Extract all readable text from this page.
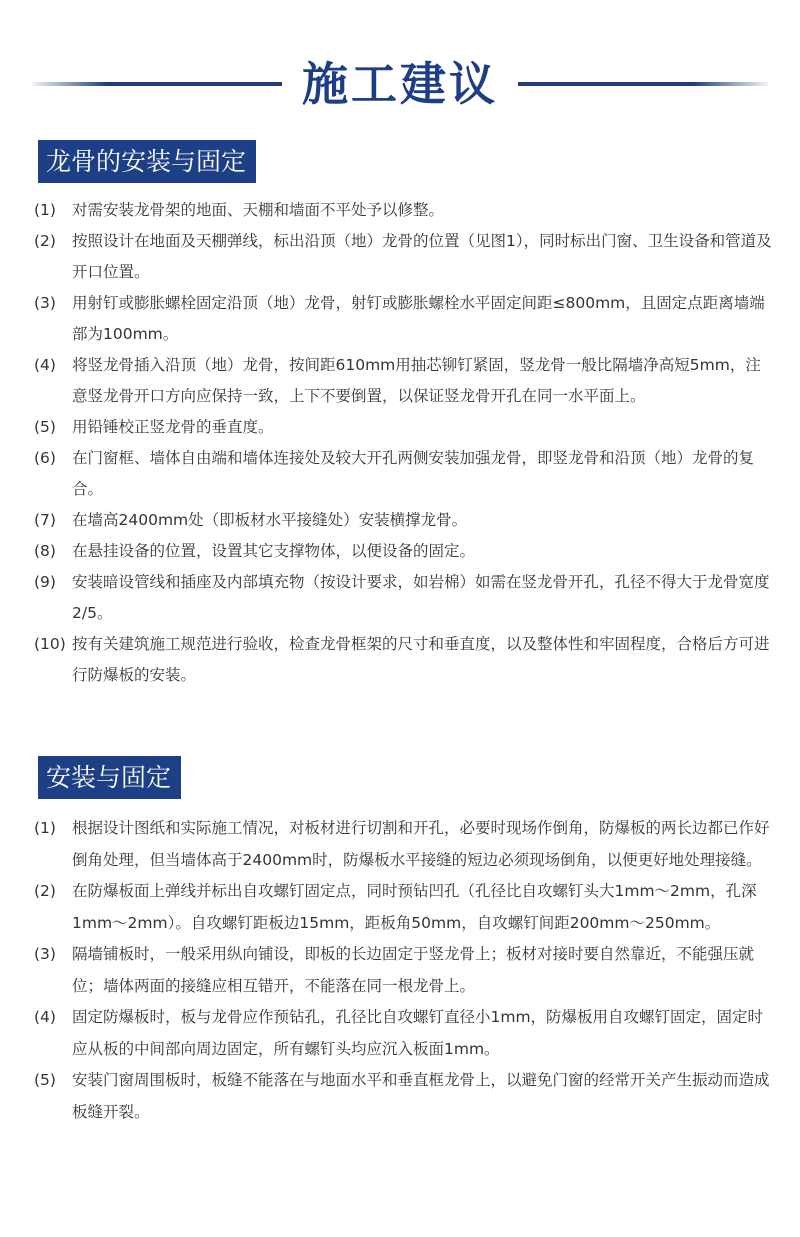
施工建议
龙骨的安装与固定
(1)	对需安装龙骨架的地面、天棚和墙面不平处予以修整。
(2)	按照设计在地面及天棚弹线，标出沿顶（地）龙骨的位置（见图1），同时标出门窗、卫生设备和管道及开口位置。
(3)	用射钉或膨胀螺栓固定沿顶（地）龙骨，射钉或膨胀螺栓水平固定间距≤800mm，且固定点距离墙端部为100mm。
(4)	将竖龙骨插入沿顶（地）龙骨，按间距610mm用抽芯铆钉紧固，竖龙骨一般比隔墙净高短5mm，注意竖龙骨开口方向应保持一致，上下不要倒置，以保证竖龙骨开孔在同一水平面上。
(5)	用铅锤校正竖龙骨的垂直度。
(6)	在门窗框、墙体自由端和墙体连接处及较大开孔两侧安装加强龙骨，即竖龙骨和沿顶（地）龙骨的复合。
(7)	在墙高2400mm处（即板材水平接缝处）安装横撑龙骨。
(8)	在悬挂设备的位置，设置其它支撑物体，以便设备的固定。
(9)	安装暗设管线和插座及内部填充物（按设计要求，如岩棉）如需在竖龙骨开孔，孔径不得大于龙骨宽度2/5。
(10) 按有关建筑施工规范进行验收，检查龙骨框架的尺寸和垂直度，以及整体性和牢固程度，合格后方可进行防爆板的安装。
安装与固定
(1)	根据设计图纸和实际施工情况，对板材进行切割和开孔，必要时现场作倒角，防爆板的两长边都已作好倒角处理，但当墙体高于2400mm时，防爆板水平接缝的短边必须现场倒角，以便更好地处理接缝。
(2)	在防爆板面上弹线并标出自攻螺钉固定点，同时预钻凹孔（孔径比自攻螺钉头大1mm～2mm，孔深1mm～2mm）。自攻螺钉距板边15mm，距板角50mm，自攻螺钉间距200mm～250mm。
(3)	隔墙铺板时，一般采用纵向铺设，即板的长边固定于竖龙骨上；板材对接时要自然靠近，不能强压就位；墙体两面的接缝应相互错开，不能落在同一根龙骨上。
(4)	固定防爆板时，板与龙骨应作预钻孔，孔径比自攻螺钉直径小1mm，防爆板用自攻螺钉固定，固定时应从板的中间部向周边固定，所有螺钉头均应沉入板面1mm。
(5)	安装门窗周围板时，板缝不能落在与地面水平和垂直框龙骨上，以避免门窗的经常开关产生振动而造成板缝开裂。
